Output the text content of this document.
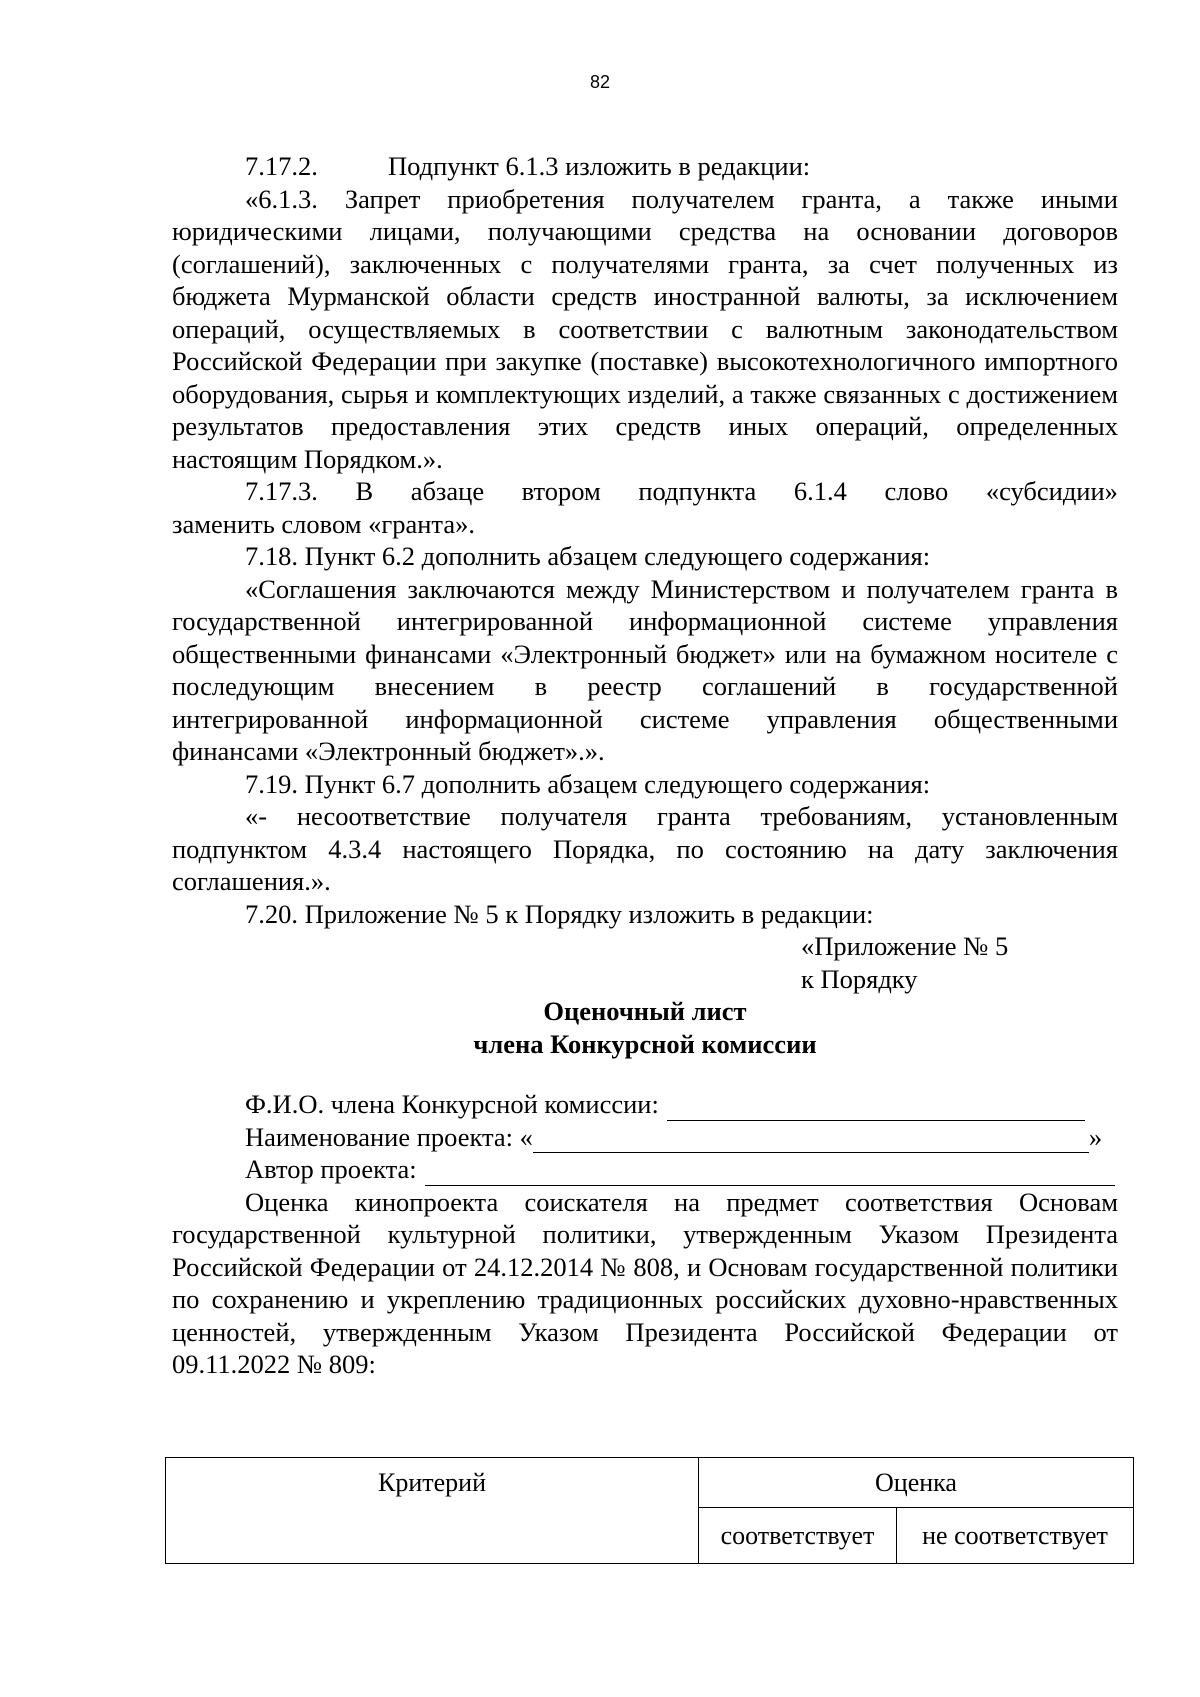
82
7.17.2.	Подпункт 6.1.3 изложить в редакции:

«6.1.3. Запрет приобретения получателем гранта, а также иными юридическими лицами, получающими средства на основании договоров (соглашений), заключенных с получателями гранта, за счет полученных из бюджета Мурманской области средств иностранной валюты, за исключением операций, осуществляемых в соответствии с валютным законодательством Российской Федерации при закупке (поставке) высокотехнологичного импортного оборудования, сырья и комплектующих изделий, а также связанных с достижением результатов предоставления этих средств иных операций, определенных настоящим Порядком.».

7.17.3. В абзаце втором подпункта 6.1.4 слово «субсидии»

заменить словом «гранта».

7.18. Пункт 6.2 дополнить абзацем следующего содержания:

«Соглашения заключаются между Министерством и получателем гранта в государственной интегрированной информационной системе управления общественными финансами «Электронный бюджет» или на бумажном носителе с последующим внесением в реестр соглашений в государственной интегрированной информационной системе управления общественными финансами «Электронный бюджет».».

7.19. Пункт 6.7 дополнить абзацем следующего содержания:

«- несоответствие получателя гранта требованиям, установленным подпунктом 4.3.4 настоящего Порядка, по состоянию на дату заключения соглашения.».

7.20. Приложение № 5 к Порядку изложить в редакции:

«Приложение № 5

к Порядку

Оценочный лист

члена Конкурсной комиссии

Ф.И.О. члена Конкурсной комиссии:
Наименование проекта: «	»
Автор проекта:

Оценка кинопроекта соискателя на предмет соответствия Основам государственной культурной политики, утвержденным Указом Президента Российской Федерации от 24.12.2014 № 808, и Основам государственной политики по сохранению и укреплению традиционных российских духовно-нравственных ценностей, утвержденным Указом Президента Российской Федерации от 09.11.2022 № 809:

Критерий	Оценка	
	соответствует	не соответствует
